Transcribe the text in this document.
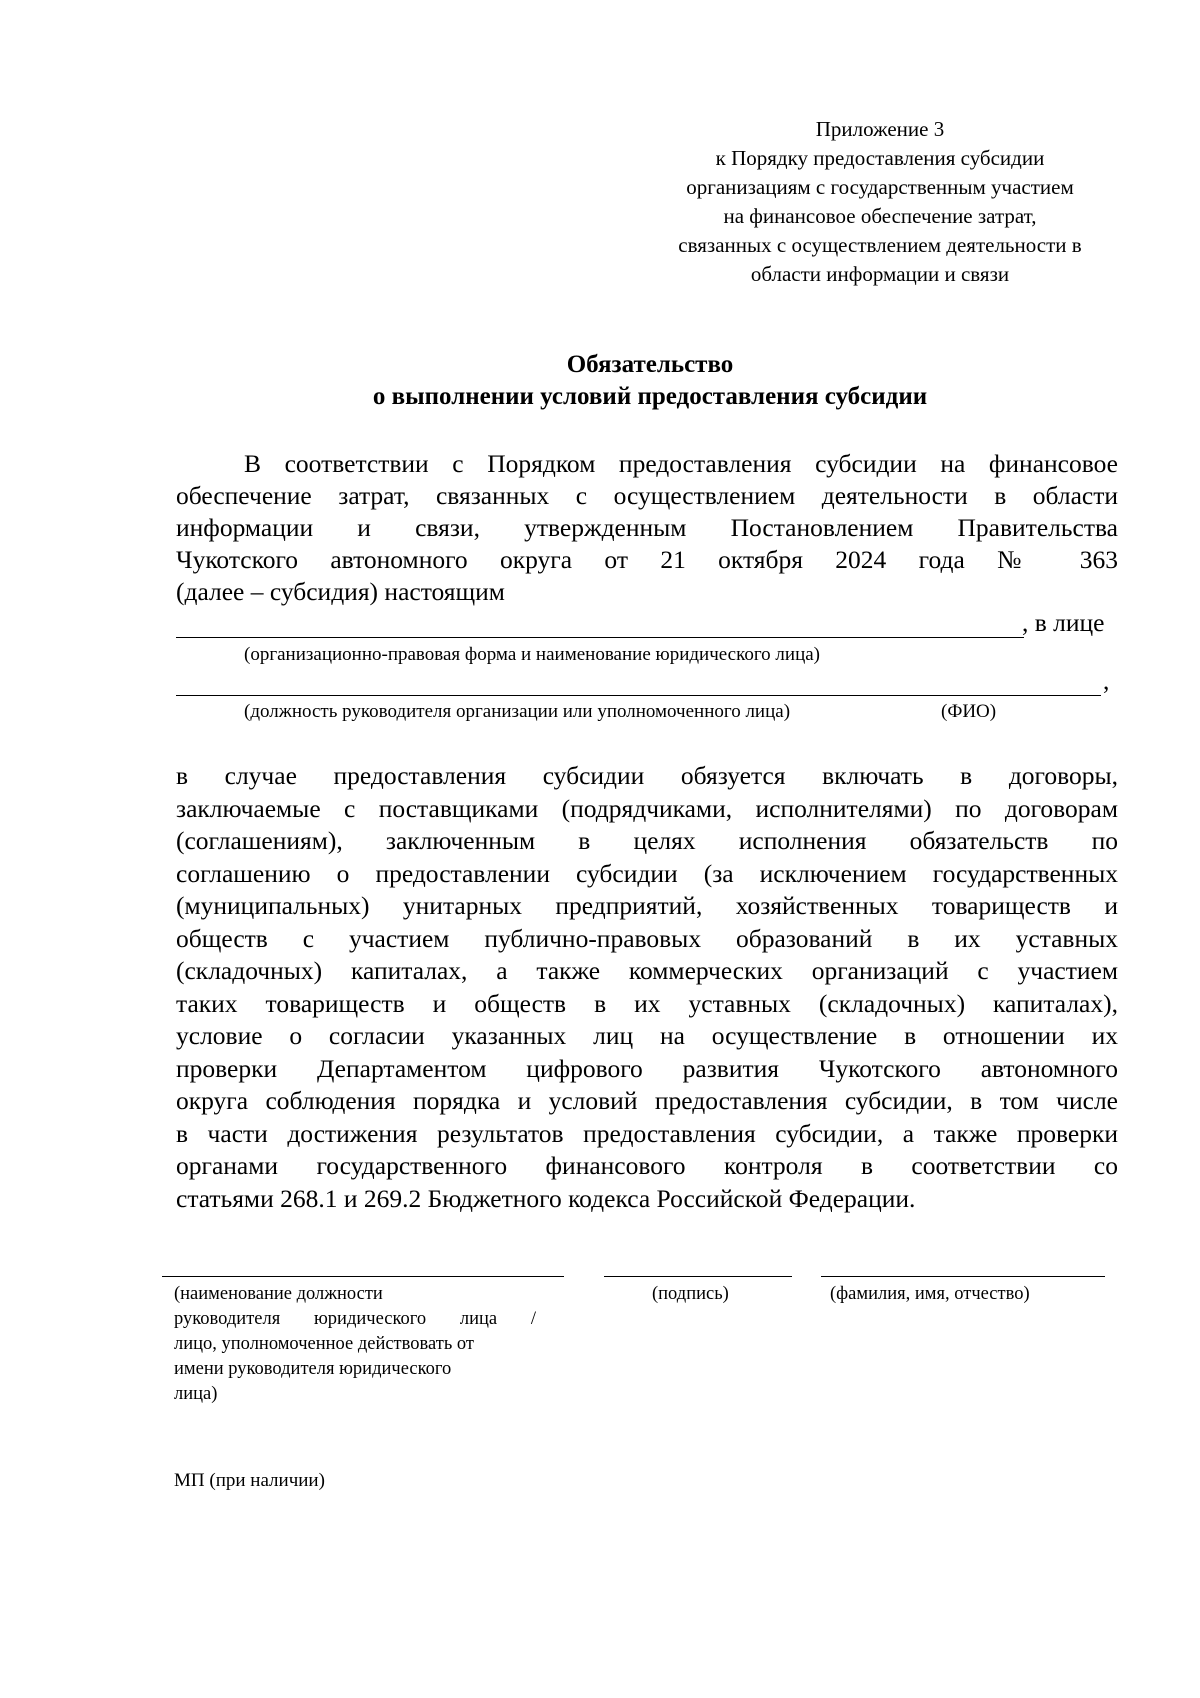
Приложение 3
к Порядку предоставления субсидии
организациям с государственным участием
на финансовое обеспечение затрат,
связанных с осуществлением деятельности в
области информации и связи
Обязательство
о выполнении условий предоставления субсидии
В соответствии с Порядком предоставления субсидии на финансовое
обеспечение затрат, связанных с осуществлением деятельности в области
информации и связи, утвержденным Постановлением Правительства
Чукотского автономного округа от 21 октября 2024 года № 363
(далее – субсидия) настоящим
, в лице
(организационно-правовая форма и наименование юридического лица)
,
(должность руководителя организации или уполномоченного лица)	(ФИО)
в случае предоставления субсидии обязуется включать в договоры,
заключаемые с поставщиками (подрядчиками, исполнителями) по договорам
(соглашениям), заключенным в целях исполнения обязательств по
соглашению о предоставлении субсидии (за исключением государственных
(муниципальных) унитарных предприятий, хозяйственных товариществ и
обществ с участием публично-правовых образований в их уставных
(складочных) капиталах, а также коммерческих организаций с участием
таких товариществ и обществ в их уставных (складочных) капиталах),
условие о согласии указанных лиц на осуществление в отношении их
проверки Департаментом цифрового развития Чукотского автономного
округа соблюдения порядка и условий предоставления субсидии, в том числе
в части достижения результатов предоставления субсидии, а также проверки
органами государственного финансового контроля в соответствии со
статьями 268.1 и 269.2 Бюджетного кодекса Российской Федерации.
(наименование должности
руководителя юридического лица /
лицо, уполномоченное действовать от
имени руководителя юридического
лица)
(подпись)	(фамилия, имя, отчество)
МП (при наличии)
